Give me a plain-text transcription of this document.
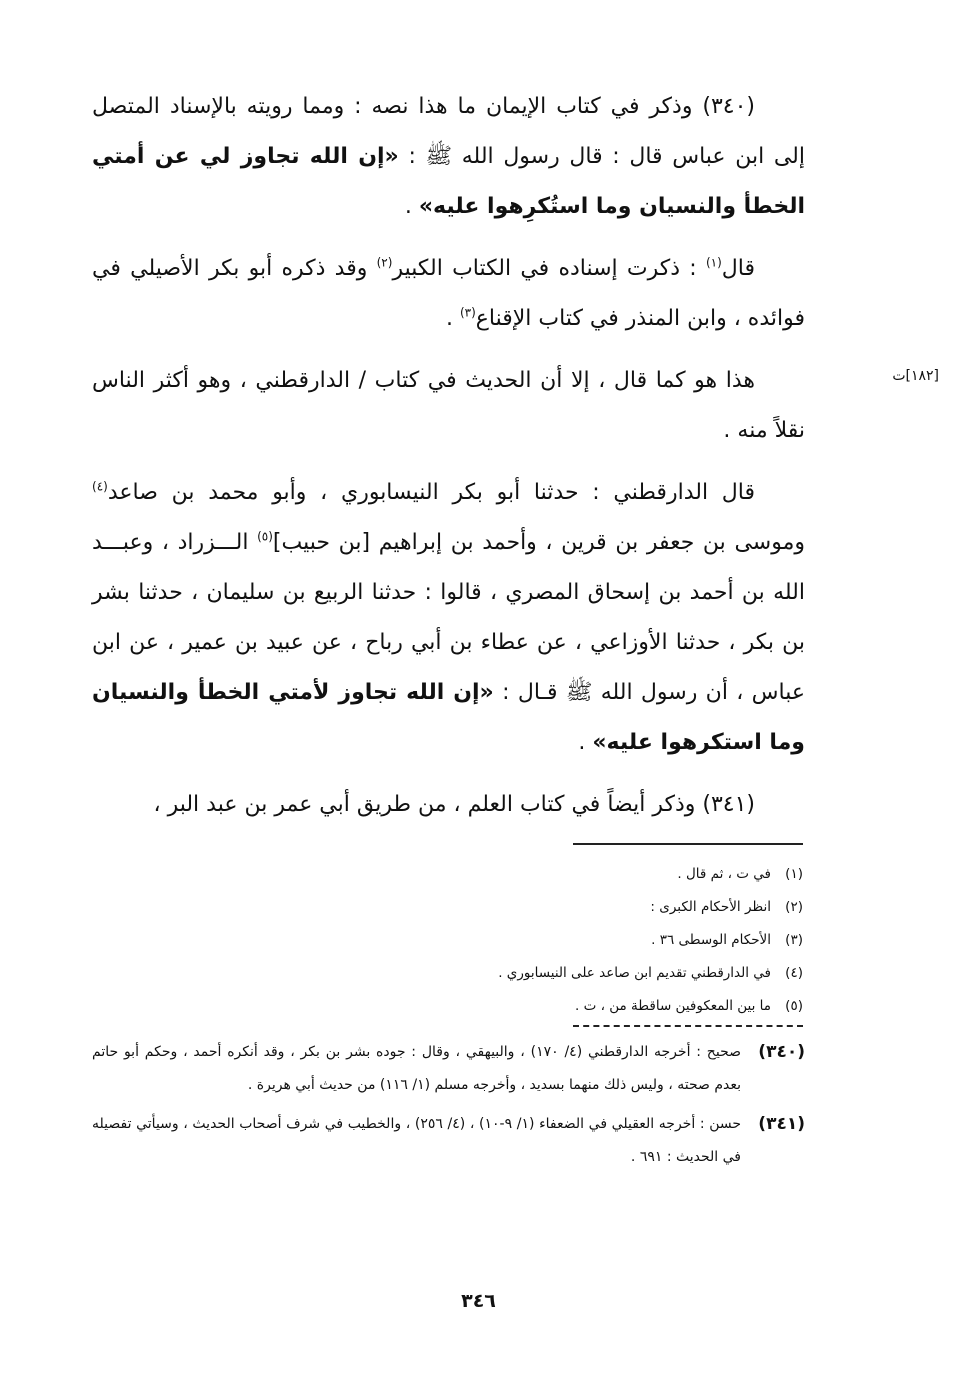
[١٨٢]ت

(٣٤٠) وذكر في كتاب الإيمان ما هذا نصه : ومما رويته بالإسناد المتصل إلى ابن عباس قال : قال رسول الله ﷺ : «إن الله تجاوز لي عن أمتي الخطأ والنسيان وما استُكرِهوا عليه» .

قال$^{(١)}$ : ذكرت إسناده في الكتاب الكبير$^{(٢)}$ وقد ذكره أبو بكر الأصيلي في فوائده ، وابن المنذر في كتاب الإقناع$^{(٣)}$ .

هذا هو كما قال ، إلا أن الحديث في كتاب / الدارقطني ، وهو أكثر الناس نقلاً منه .

قال الدارقطني : حدثنا أبو بكر النيسابوري ، وأبو محمد بن صاعد$^{(٤)}$ وموسى بن جعفر بن قرين ، وأحمد بن إبراهيم [بن حبيب]$^{(٥)}$ الـــزراد ، وعبـــد الله بن أحمد بن إسحاق المصري ، قالوا : حدثنا الربيع بن سليمان ، حدثنا بشر بن بكر ، حدثنا الأوزاعي ، عن عطاء بن أبي رباح ، عن عبيد بن عمير ، عن ابن عباس ، أن رسول الله ﷺ قـال : «إن الله تجاوز لأمتي الخطأ والنسيان وما استكرهوا عليه» .

(٣٤١) وذكر أيضاً في كتاب العلم ، من طريق أبي عمر بن عبد البر ،

(١)في ت ، ثم قال .

(٢)انظر الأحكام الكبرى :

(٣)الأحكام الوسطى ٣٦ .

(٤)في الدارقطني تقديم ابن صاعد على النيسابوري .

(٥)ما بين المعكوفين ساقطة من ، ت .

(٣٤٠)
صحيح : أخرجه الدارقطني (٤/ ١٧٠) ، والبيهقي ، وقال : جوده بشر بن بكر ، وقد أنكره أحمد ، وحكم أبو حاتم بعدم صحته ، وليس ذلك منهما بسديد ، وأخرجه مسلم (١/ ١١٦) من حديث أبي هريرة .

(٣٤١)
حسن : أخرجه العقيلي في الضعفاء (١/ ٩-١٠) ، (٤/ ٢٥٦) ، والخطيب في شرف أصحاب الحديث ، وسيأتي تفصيله في الحديث : ٦٩١ .

٣٤٦
